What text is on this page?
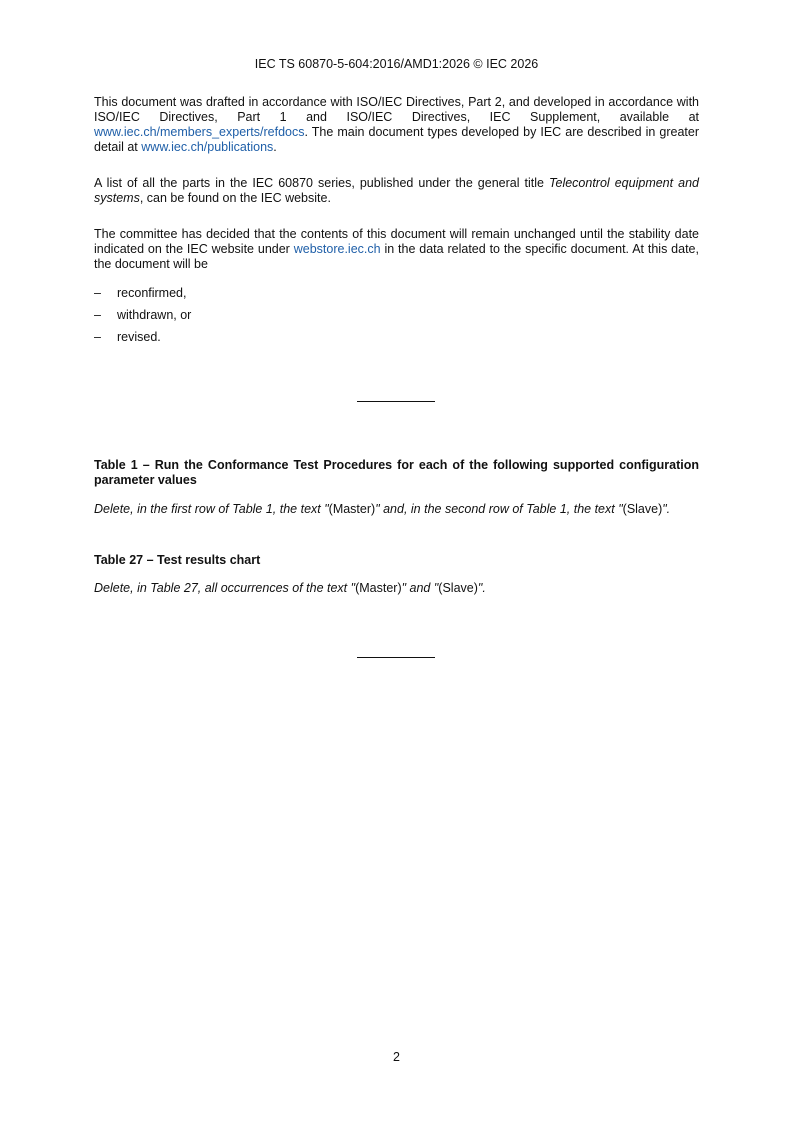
IEC TS 60870-5-604:2016/AMD1:2026 © IEC 2026

This document was drafted in accordance with ISO/IEC Directives, Part 2, and developed in accordance with ISO/IEC Directives, Part 1 and ISO/IEC Directives, IEC Supplement, available at www.iec.ch/members_experts/refdocs. The main document types developed by IEC are described in greater detail at www.iec.ch/publications.

A list of all the parts in the IEC 60870 series, published under the general title Telecontrol equipment and systems, can be found on the IEC website.

The committee has decided that the contents of this document will remain unchanged until the stability date indicated on the IEC website under webstore.iec.ch in the data related to the specific document. At this date, the document will be

– reconfirmed,
– withdrawn, or
– revised.

Table 1 – Run the Conformance Test Procedures for each of the following supported configuration parameter values

Delete, in the first row of Table 1, the text "(Master)" and, in the second row of Table 1, the text "(Slave)".

Table 27 – Test results chart

Delete, in Table 27, all occurrences of the text "(Master)" and "(Slave)".

2
